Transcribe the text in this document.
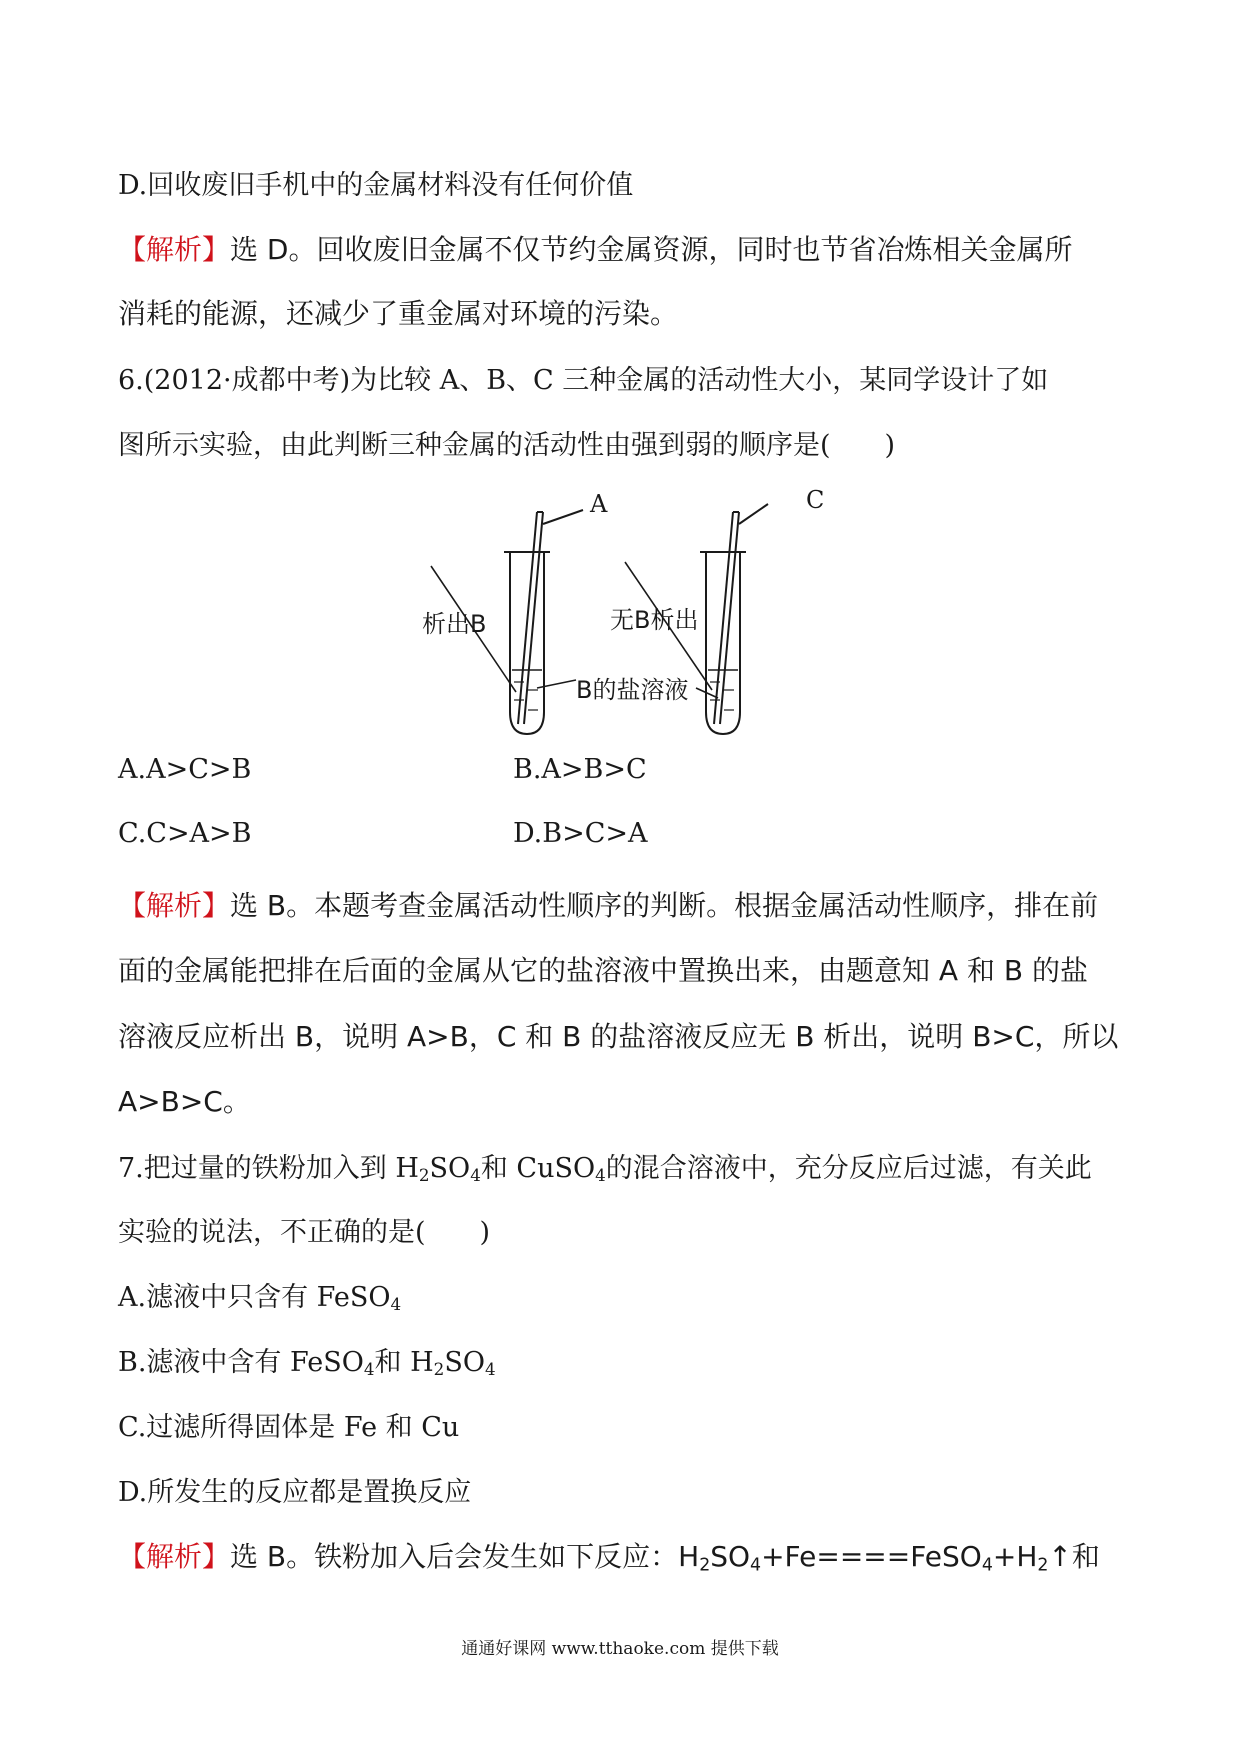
D.回收废旧手机中的金属材料没有任何价值
【解析】选 D。回收废旧金属不仅节约金属资源，同时也节省冶炼相关金属所
消耗的能源，还减少了重金属对环境的污染。
6.(2012·成都中考)为比较 A、B、C 三种金属的活动性大小，某同学设计了如
图所示实验，由此判断三种金属的活动性由强到弱的顺序是(　　)
A	C
析出B	无B析出
B的盐溶液
A.A>C>B	B.A>B>C
C.C>A>B	D.B>C>A
【解析】选 B。本题考查金属活动性顺序的判断。根据金属活动性顺序，排在前
面的金属能把排在后面的金属从它的盐溶液中置换出来，由题意知 A 和 B 的盐
溶液反应析出 B，说明 A>B，C 和 B 的盐溶液反应无 B 析出，说明 B>C，所以
A>B>C。
7.把过量的铁粉加入到 $H_2SO_4$和 CuSO$_4$的混合溶液中，充分反应后过滤，有关此
实验的说法，不正确的是(　　)
A.滤液中只含有 FeSO$_4$
B.滤液中含有 FeSO$_4$和 $H_2SO_4$
C.过滤所得固体是 Fe 和 Cu
D.所发生的反应都是置换反应
【解析】选 B。铁粉加入后会发生如下反应：$H_2SO_4+Fe====FeSO_4+H_2↑$和
通通好课网 www.tthaoke.com 提供下载
